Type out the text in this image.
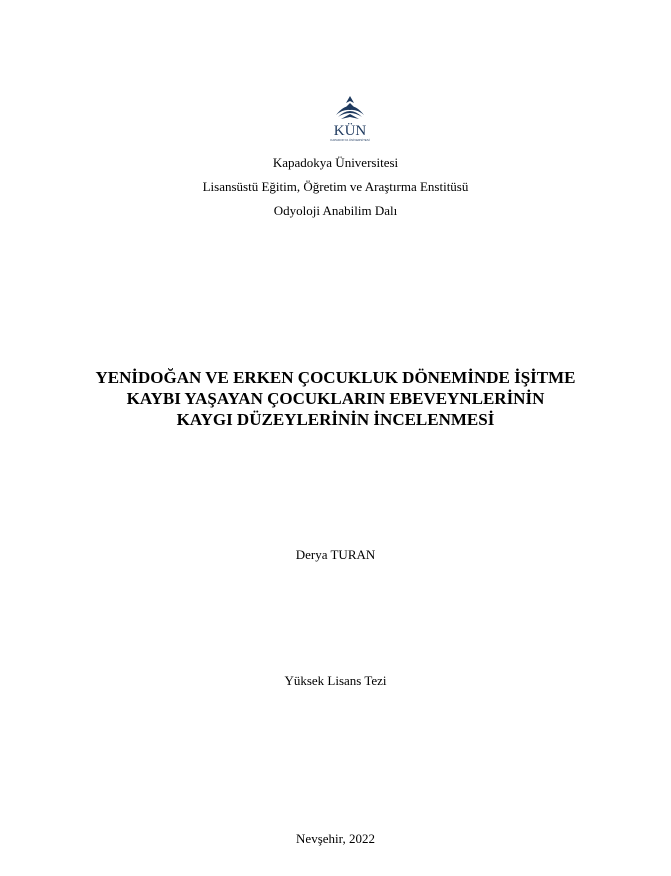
KÜN
KAPADOKYA ÜNİVERSİTESİ
Kapadokya Üniversitesi
Lisansüstü Eğitim, Öğretim ve Araştırma Enstitüsü
Odyoloji Anabilim Dalı
YENİDOĞAN VE ERKEN ÇOCUKLUK DÖNEMİNDE İŞİTME
KAYBI YAŞAYAN ÇOCUKLARIN EBEVEYNLERİNİN
KAYGI DÜZEYLERİNİN İNCELENMESİ
Derya TURAN
Yüksek Lisans Tezi
Nevşehir, 2022
